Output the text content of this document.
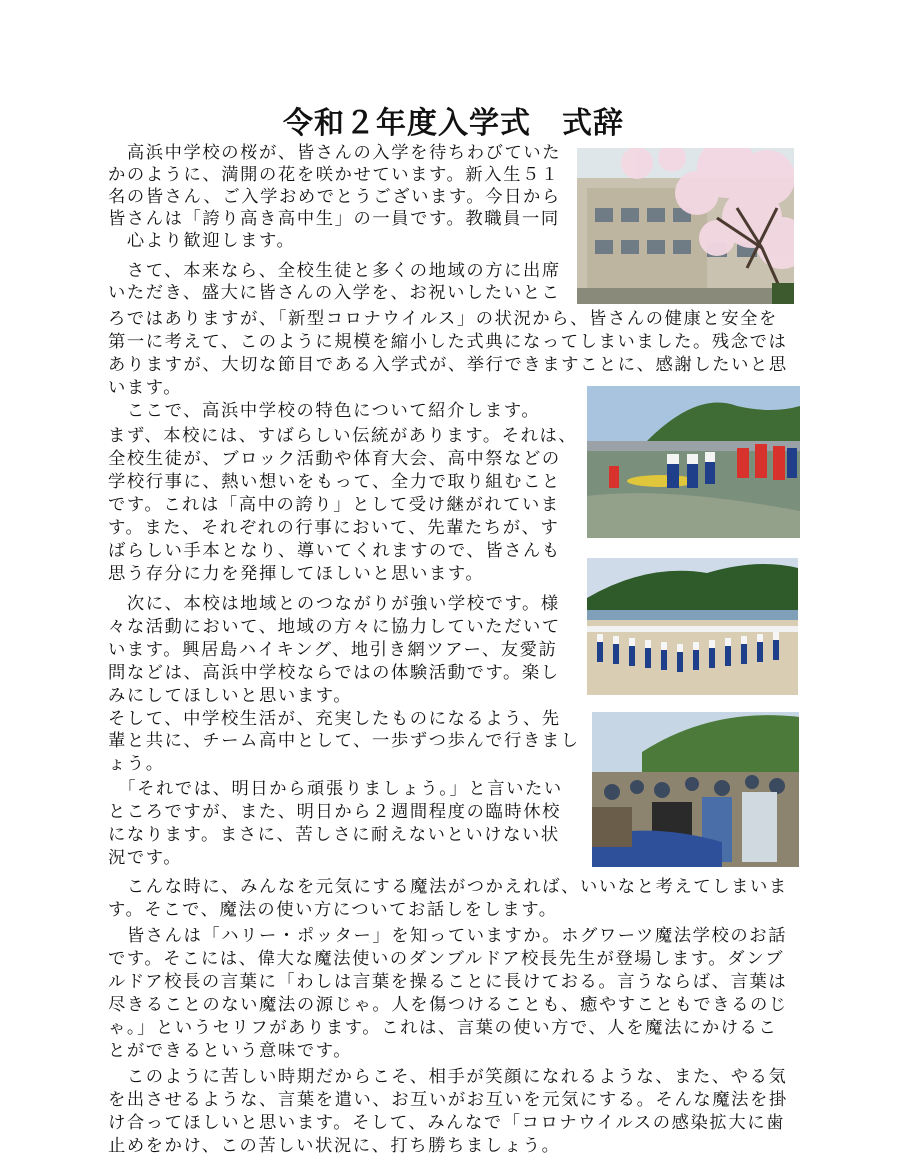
令和２年度入学式　式辞

　高浜中学校の桜が、皆さんの入学を待ちわびていた

かのように、満開の花を咲かせています。新入生５１

名の皆さん、ご入学おめでとうございます。今日から

皆さんは「誇り高き高中生」の一員です。教職員一同

　心より歓迎します。

　さて、本来なら、全校生徒と多くの地域の方に出席

いただき、盛大に皆さんの入学を、お祝いしたいとこ

ろではありますが、「新型コロナウイルス」の状況から、皆さんの健康と安全を

第一に考えて、このように規模を縮小した式典になってしまいました。残念では

ありますが、大切な節目である入学式が、挙行できますことに、感謝したいと思

います。

　ここで、高浜中学校の特色について紹介します。

まず、本校には、すばらしい伝統があります。それは、

全校生徒が、ブロック活動や体育大会、高中祭などの

学校行事に、熱い想いをもって、全力で取り組むこと

です。これは「高中の誇り」として受け継がれていま

す。また、それぞれの行事において、先輩たちが、す

ばらしい手本となり、導いてくれますので、皆さんも

思う存分に力を発揮してほしいと思います。

　次に、本校は地域とのつながりが強い学校です。様

々な活動において、地域の方々に協力していただいて

います。興居島ハイキング、地引き網ツアー、友愛訪

問などは、高浜中学校ならではの体験活動です。楽し

みにしてほしいと思います。

そして、中学校生活が、充実したものになるよう、先

輩と共に、チーム高中として、一歩ずつ歩んで行きまし

ょう。

　「それでは、明日から頑張りましょう。」と言いたい

ところですが、また、明日から２週間程度の臨時休校

になります。まさに、苦しさに耐えないといけない状

況です。

　こんな時に、みんなを元気にする魔法がつかえれば、いいなと考えてしまいま

す。そこで、魔法の使い方についてお話しをします。

　皆さんは「ハリー・ポッター」を知っていますか。ホグワーツ魔法学校のお話

です。そこには、偉大な魔法使いのダンブルドア校長先生が登場します。ダンブ

ルドア校長の言葉に「わしは言葉を操ることに長けておる。言うならば、言葉は

尽きることのない魔法の源じゃ。人を傷つけることも、癒やすこともできるのじ

ゃ。」というセリフがあります。これは、言葉の使い方で、人を魔法にかけるこ

とができるという意味です。

　このように苦しい時期だからこそ、相手が笑顔になれるような、また、やる気

を出させるような、言葉を遣い、お互いがお互いを元気にする。そんな魔法を掛

け合ってほしいと思います。そして、みんなで「コロナウイルスの感染拡大に歯

止めをかけ、この苦しい状況に、打ち勝ちましょう。
